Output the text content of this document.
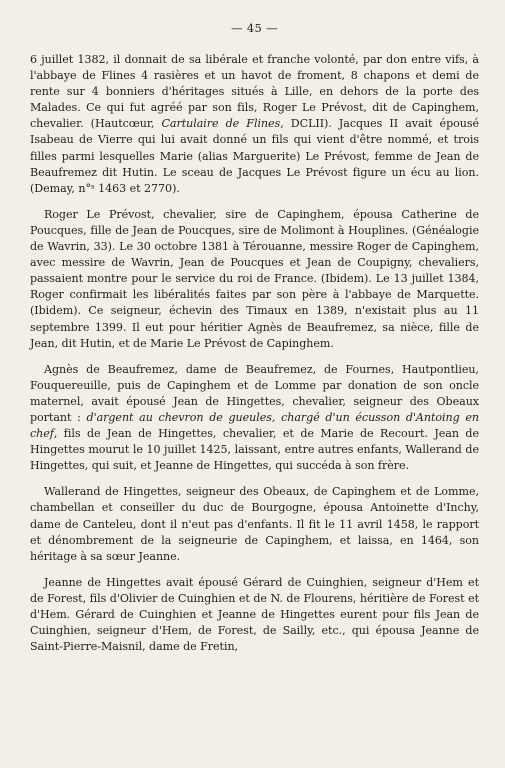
— 45 —

6 juillet 1382, il donnait de sa libérale et franche volonté, par don entre vifs, à l'abbaye de Flines 4 rasières et un havot de froment, 8 chapons et demi de rente sur 4 bonniers d'héritages situés à Lille, en dehors de la porte des Malades. Ce qui fut agréé par son fils, Roger Le Prévost, dit de Capinghem, chevalier. (Hautcœur, Cartulaire de Flines, DCLII). Jacques II avait épousé Isabeau de Vierre qui lui avait donné un fils qui vient d'être nommé, et trois filles parmi lesquelles Marie (alias Marguerite) Le Prévost, femme de Jean de Beaufremez dit Hutin. Le sceau de Jacques Le Prévost figure un écu au lion. (Demay, n°ˢ 1463 et 2770).

Roger Le Prévost, chevalier, sire de Capinghem, épousa Catherine de Poucques, fille de Jean de Poucques, sire de Molimont à Houplines. (Généalogie de Wavrin, 33). Le 30 octobre 1381 à Térouanne, messire Roger de Capinghem, avec messire de Wavrin, Jean de Poucques et Jean de Coupigny, chevaliers, passaient montre pour le service du roi de France. (Ibidem). Le 13 juillet 1384, Roger confirmait les libéralités faites par son père à l'abbaye de Marquette. (Ibidem). Ce seigneur, échevin des Timaux en 1389, n'existait plus au 11 septembre 1399. Il eut pour héritier Agnès de Beaufremez, sa nièce, fille de Jean, dit Hutin, et de Marie Le Prévost de Capinghem.

Agnès de Beaufremez, dame de Beaufremez, de Fournes, Hautpontlieu, Fouquereuille, puis de Capinghem et de Lomme par donation de son oncle maternel, avait épousé Jean de Hingettes, chevalier, seigneur des Obeaux portant : d'argent au chevron de gueules, chargé d'un écusson d'Antoing en chef, fils de Jean de Hingettes, chevalier, et de Marie de Recourt. Jean de Hingettes mourut le 10 juillet 1425, laissant, entre autres enfants, Wallerand de Hingettes, qui suit, et Jeanne de Hingettes, qui succéda à son frère.

Wallerand de Hingettes, seigneur des Obeaux, de Capinghem et de Lomme, chambellan et conseiller du duc de Bourgogne, épousa Antoinette d'Inchy, dame de Canteleu, dont il n'eut pas d'enfants. Il fit le 11 avril 1458, le rapport et dénombrement de la seigneurie de Capinghem, et laissa, en 1464, son héritage à sa sœur Jeanne.

Jeanne de Hingettes avait épousé Gérard de Cuinghien, seigneur d'Hem et de Forest, fils d'Olivier de Cuinghien et de N. de Flourens, héritière de Forest et d'Hem. Gérard de Cuinghien et Jeanne de Hingettes eurent pour fils Jean de Cuinghien, seigneur d'Hem, de Forest, de Sailly, etc., qui épousa Jeanne de Saint-Pierre-Maisnil, dame de Fretin,
